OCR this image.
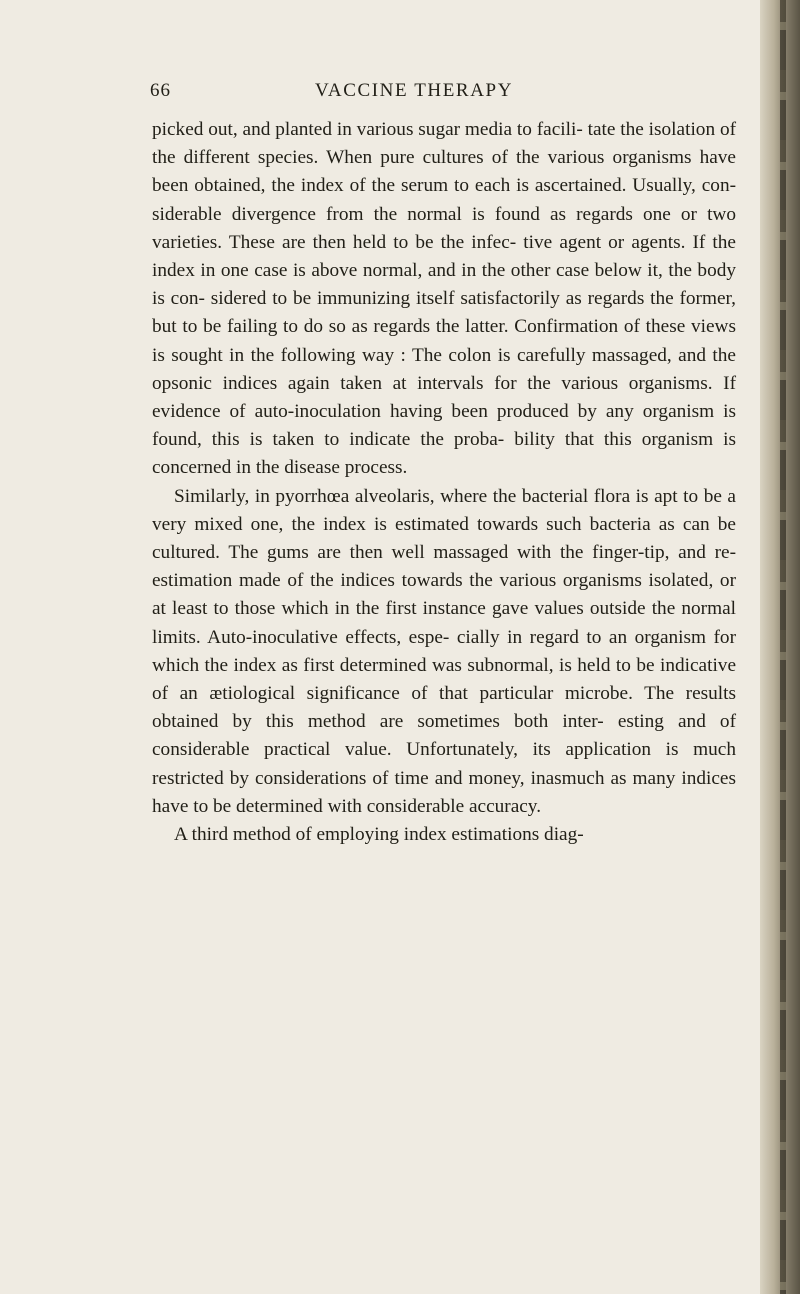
66	VACCINE THERAPY

picked out, and planted in various sugar media to facili- tate the isolation of the different species. When pure cultures of the various organisms have been obtained, the index of the serum to each is ascertained. Usually, con- siderable divergence from the normal is found as regards one or two varieties. These are then held to be the infec- tive agent or agents. If the index in one case is above normal, and in the other case below it, the body is con- sidered to be immunizing itself satisfactorily as regards the former, but to be failing to do so as regards the latter. Confirmation of these views is sought in the following way : The colon is carefully massaged, and the opsonic indices again taken at intervals for the various organisms. If evidence of auto-inoculation having been produced by any organism is found, this is taken to indicate the proba- bility that this organism is concerned in the disease process.

Similarly, in pyorrhœa alveolaris, where the bacterial flora is apt to be a very mixed one, the index is estimated towards such bacteria as can be cultured. The gums are then well massaged with the finger-tip, and re-estimation made of the indices towards the various organisms isolated, or at least to those which in the first instance gave values outside the normal limits. Auto-inoculative effects, espe- cially in regard to an organism for which the index as first determined was subnormal, is held to be indicative of an ætiological significance of that particular microbe. The results obtained by this method are sometimes both inter- esting and of considerable practical value. Unfortunately, its application is much restricted by considerations of time and money, inasmuch as many indices have to be determined with considerable accuracy.

A third method of employing index estimations diag-
